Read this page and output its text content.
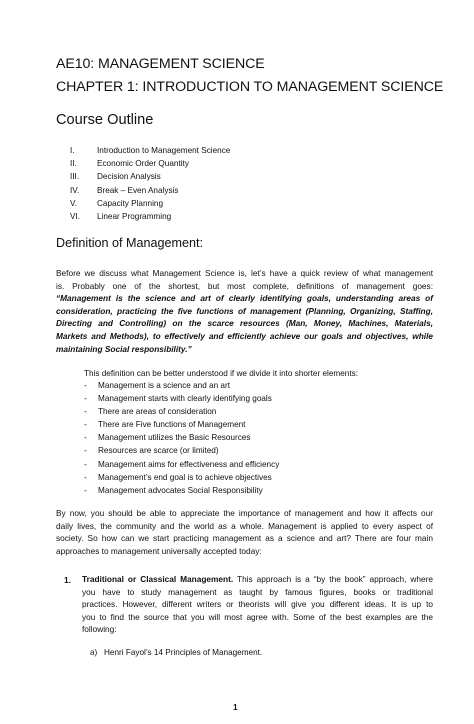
AE10: MANAGEMENT SCIENCE
CHAPTER 1: INTRODUCTION TO MANAGEMENT SCIENCE
Course Outline
I.	Introduction to Management Science
II.	Economic Order Quantity
III.	Decision Analysis
IV.	Break – Even Analysis
V.	Capacity Planning
VI.	Linear Programming
Definition of Management:
Before we discuss what Management Science is, let’s have a quick review of what management
is. Probably one of the shortest, but most complete, definitions of management goes:
“Management is the science and art of clearly identifying goals, understanding areas of
consideration, practicing the five functions of management (Planning, Organizing, Staffing,
Directing and Controlling) on the scarce resources (Man, Money, Machines, Materials,
Markets and Methods), to effectively and efficiently achieve our goals and objectives, while
maintaining Social responsibility.”
This definition can be better understood if we divide it into shorter elements:
- Management is a science and an art
- Management starts with clearly identifying goals
- There are areas of consideration
- There are Five functions of Management
- Management utilizes the Basic Resources
- Resources are scarce (or limited)
- Management aims for effectiveness and efficiency
- Management’s end goal is to achieve objectives
- Management advocates Social Responsibility
By now, you should be able to appreciate the importance of management and how it affects our
daily lives, the community and the world as a whole. Management is applied to every aspect of
society. So how can we start practicing management as a science and art? There are four main
approaches to management universally accepted today:
1. Traditional or Classical Management. This approach is a “by the book” approach, where
you have to study management as taught by famous figures, books or traditional
practices. However, different writers or theorists will give you different ideas. It is up to
you to find the source that you will most agree with. Some of the best examples are the
following:
a) Henri Fayol’s 14 Principles of Management.
1
